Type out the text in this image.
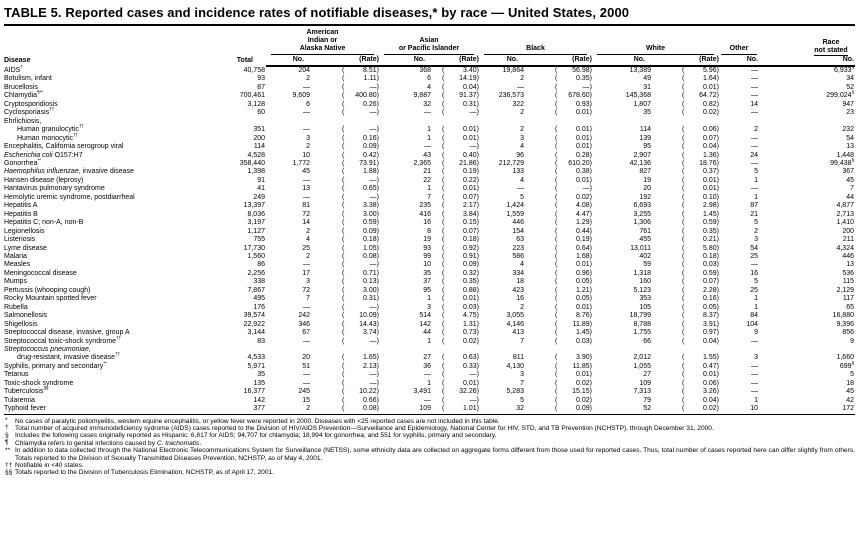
TABLE 5. Reported cases and incidence rates of notifiable diseases,* by race — United States, 2000
Disease	Total	American
Indian or
Alaska Native		Asian
or Pacific Islander		Black		White		Other	Race
not stated

		No.	(Rate)	No.	(Rate)	No.	(Rate)	No.	(Rate)	No.	No.
AIDS†	40,758	204	( 8.51)	368	( 3.40)	19,864	( 56.98)	13,389	( 5.96)	—	6,933§
Botulism, infant	93	2	( 1.11)	6	( 14.19)	2	( 0.35)	49	( 1.64)	—	34
Brucellosis	87	—	( —)	4	( 0.04)	—	( —)	31	( 0.01)	—	52
Chlamydia¶**	700,461	9,609	( 400.80)	9,887	( 91.37)	236,573	( 678.60)	145,368	( 64.72)	—	299,024§
Cryptosporidiosis	3,128	6	( 0.26)	32	( 0.31)	322	( 0.93)	1,807	( 0.82)	14	947
Cyclosporiasis††	60	—	( —)	—	( —)	2	( 0.01)	35	( 0.02)	—	23
Ehrlichiosis,											
Human granulocytic††	351	—	( —)	1	( 0.01)	2	( 0.01)	114	( 0.06)	2	232
Human monocytic††	200	3	( 0.16)	1	( 0.01)	3	( 0.01)	139	( 0.07)	—	54
Encephalitis, California serogroup viral	114	2	( 0.09)	—	( —)	4	( 0.01)	95	( 0.04)	—	13
Escherichia coli O157:H7	4,528	10	( 0.42)	43	( 0.40)	96	( 0.28)	2,907	( 1.36)	24	1,448
Gonorrhea**	358,440	1,772	( 73.91)	2,365	( 21.86)	212,729	( 610.20)	42,136	( 18.76)	—	99,438§
Haemophilus influenzae, invasive disease	1,398	45	( 1.88)	21	( 0.19)	133	( 0.38)	827	( 0.37)	5	367
Hansen disease (leprosy)	91	—	( —)	22	( 0.22)	4	( 0.01)	19	( 0.01)	1	45
Hantavirus pulmonary syndrome	41	13	( 0.65)	1	( 0.01)	—	( —)	20	( 0.01)	—	7
Hemolytic uremic syndrome, postdiarrheal	249	—	( —)	7	( 0.07)	5	( 0.02)	192	( 0.10)	1	44
Hepatitis A	13,397	81	( 3.38)	235	( 2.17)	1,424	( 4.08)	6,693	( 2.98)	87	4,877
Hepatitis B	8,036	72	( 3.00)	416	( 3.84)	1,559	( 4.47)	3,255	( 1.45)	21	2,713
Hepatitis C; non-A, non-B	3,197	14	( 0.59)	16	( 0.15)	446	( 1.29)	1,306	( 0.59)	5	1,410
Legionellosis	1,127	2	( 0.09)	8	( 0.07)	154	( 0.44)	761	( 0.35)	2	200
Listeriosis	755	4	( 0.18)	19	( 0.18)	63	( 0.19)	455	( 0.21)	3	211
Lyme disease	17,730	25	( 1.05)	93	( 0.92)	223	( 0.64)	13,011	( 5.80)	54	4,324
Malaria	1,560	2	( 0.08)	99	( 0.91)	586	( 1.68)	402	( 0.18)	25	446
Measles	86	—	( —)	10	( 0.09)	4	( 0.01)	59	( 0.03)	—	13
Meningococcal disease	2,256	17	( 0.71)	35	( 0.32)	334	( 0.96)	1,318	( 0.59)	16	536
Mumps	338	3	( 0.13)	37	( 0.35)	18	( 0.05)	160	( 0.07)	5	115
Pertussis (whooping cough)	7,867	72	( 3.00)	95	( 0.88)	423	( 1.21)	5,123	( 2.28)	25	2,129
Rocky Mountain spotted fever	495	7	( 0.31)	1	( 0.01)	16	( 0.05)	353	( 0.16)	1	117
Rubella	176	—	( —)	3	( 0.03)	2	( 0.01)	105	( 0.05)	1	65
Salmonellosis	39,574	242	( 10.09)	514	( 4.75)	3,055	( 8.76)	18,799	( 8.37)	84	16,880
Shigellosis	22,922	346	( 14.43)	142	( 1.31)	4,146	( 11.89)	8,788	( 3.91)	104	9,396
Streptococcal disease, invasive, group A	3,144	67	( 3.74)	44	( 0.73)	413	( 1.45)	1,755	( 0.97)	9	856
Streptococcal toxic-shock syndrome††	83	—	( —)	1	( 0.02)	7	( 0.03)	66	( 0.04)	—	9
Streptococcus pneumoniae,											
drug-resistant, invasive disease††	4,533	20	( 1.65)	27	( 0.63)	811	( 3.90)	2,012	( 1.55)	3	1,660
Syphilis, primary and secondary**	5,971	51	( 2.13)	36	( 0.33)	4,130	( 11.85)	1,055	( 0.47)	—	699§
Tetanus	35	—	( —)	—	( —)	3	( 0.01)	27	( 0.01)	—	5
Toxic-shock syndrome	135	—	( —)	1	( 0.01)	7	( 0.02)	109	( 0.06)	—	18
Tuberculosis§§	16,377	245	( 10.22)	3,491	( 32.26)	5,283	( 15.15)	7,313	( 3.26)	—	45
Tularemia	142	15	( 0.66)	—	( —)	5	( 0.02)	79	( 0.04)	1	42
Typhoid fever	377	2	( 0.08)	109	( 1.01)	32	( 0.09)	52	( 0.02)	10	172
* No cases of paralytic poliomyelitis, western equine encephalitis, or yellow fever were reported in 2000. Diseases with <25 reported cases are not included in this table.
† Total number of acquired immunodeficiency sydrome (AIDS) cases reported to the Division of HIV/AIDS Prevention—Surveillance and Epidemiology, National Center for HIV, STD, and TB Prevention (NCHSTP), through December 31, 2000.
§ Includes the following cases originally reported as Hispanic: 6,817 for AIDS; 94,707 for chlamydia; 18,994 for gonorrhea; and 551 for syphilis, primary and secondary.
¶ Chlamydia refers to genital infections caused by C. trachomatis.
** In addition to data collected through the National Electronic Telecommunications System for Surveillance (NETSS), some ethnicity data are collected on aggregate forms different from those used for reported cases. Thus, total number of cases reported here can differ slightly from others. Totals reported to the Division of Sexually Transmitted Diseases Prevention, NCHSTP, as of May 4, 2001.
†† Notifiable in <40 states.
§§ Totals reported to the Division of Tuberculosis Elimination, NCHSTP, as of April 17, 2001.
